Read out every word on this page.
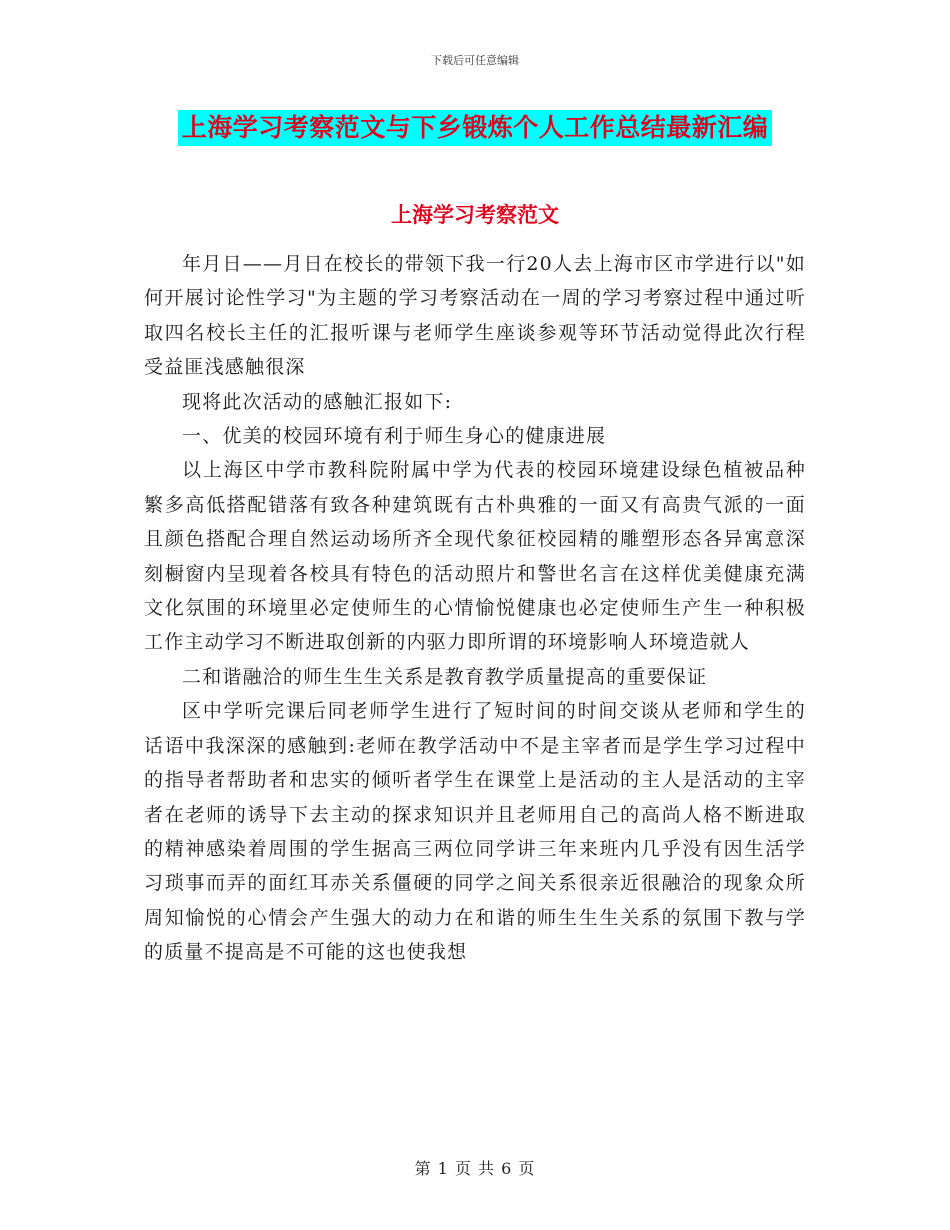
下载后可任意编辑
上海学习考察范文与下乡锻炼个人工作总结最新汇编
上海学习考察范文

年月日——月日在校长的带领下我一行20人去上海市区市学进行以"如何开展讨论性学习"为主题的学习考察活动在一周的学习考察过程中通过听取四名校长主任的汇报听课与老师学生座谈参观等环节活动觉得此次行程受益匪浅感触很深

现将此次活动的感触汇报如下:

一、优美的校园环境有利于师生身心的健康进展

以上海区中学市教科院附属中学为代表的校园环境建设绿色植被品种繁多高低搭配错落有致各种建筑既有古朴典雅的一面又有高贵气派的一面且颜色搭配合理自然运动场所齐全现代象征校园精的雕塑形态各异寓意深刻橱窗内呈现着各校具有特色的活动照片和警世名言在这样优美健康充满文化氛围的环境里必定使师生的心情愉悦健康也必定使师生产生一种积极工作主动学习不断进取创新的内驱力即所谓的环境影响人环境造就人

二和谐融洽的师生生生关系是教育教学质量提高的重要保证

区中学听完课后同老师学生进行了短时间的时间交谈从老师和学生的话语中我深深的感触到:老师在教学活动中不是主宰者而是学生学习过程中的指导者帮助者和忠实的倾听者学生在课堂上是活动的主人是活动的主宰者在老师的诱导下去主动的探求知识并且老师用自己的高尚人格不断进取的精神感染着周围的学生据高三两位同学讲三年来班内几乎没有因生活学习琐事而弄的面红耳赤关系僵硬的同学之间关系很亲近很融洽的现象众所周知愉悦的心情会产生强大的动力在和谐的师生生生关系的氛围下教与学的质量不提高是不可能的这也使我想

第 1 页 共 6 页
